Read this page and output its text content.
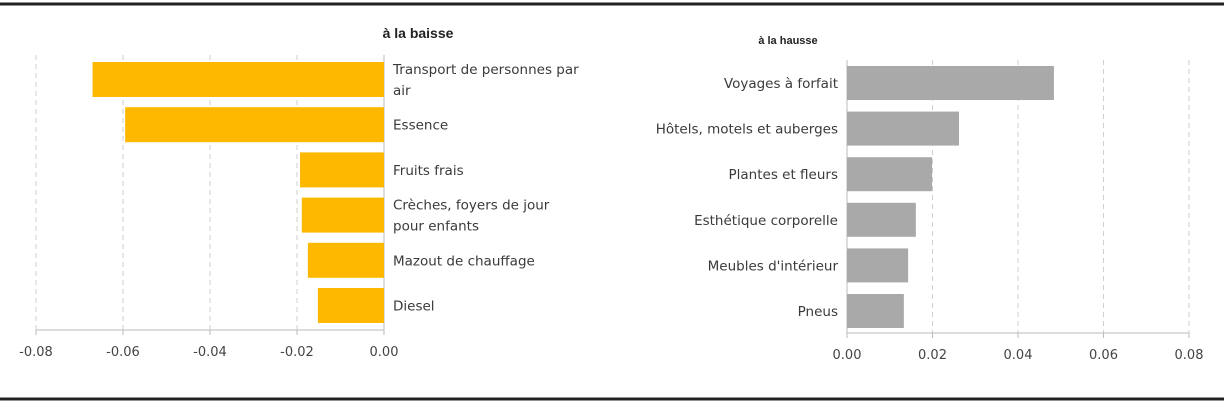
à la baisse	à la hausse
-0.08	-0.06	-0.04	-0.02	0.00
Transport de personnes par
air
Essence
Fruits frais
Crèches, foyers de jour
pour enfants
Mazout de chauffage
Diesel
0.00	0.02	0.04	0.06	0.08
Voyages à forfait
Hôtels, motels et auberges
Plantes et fleurs
Esthétique corporelle
Meubles d'intérieur
Pneus
